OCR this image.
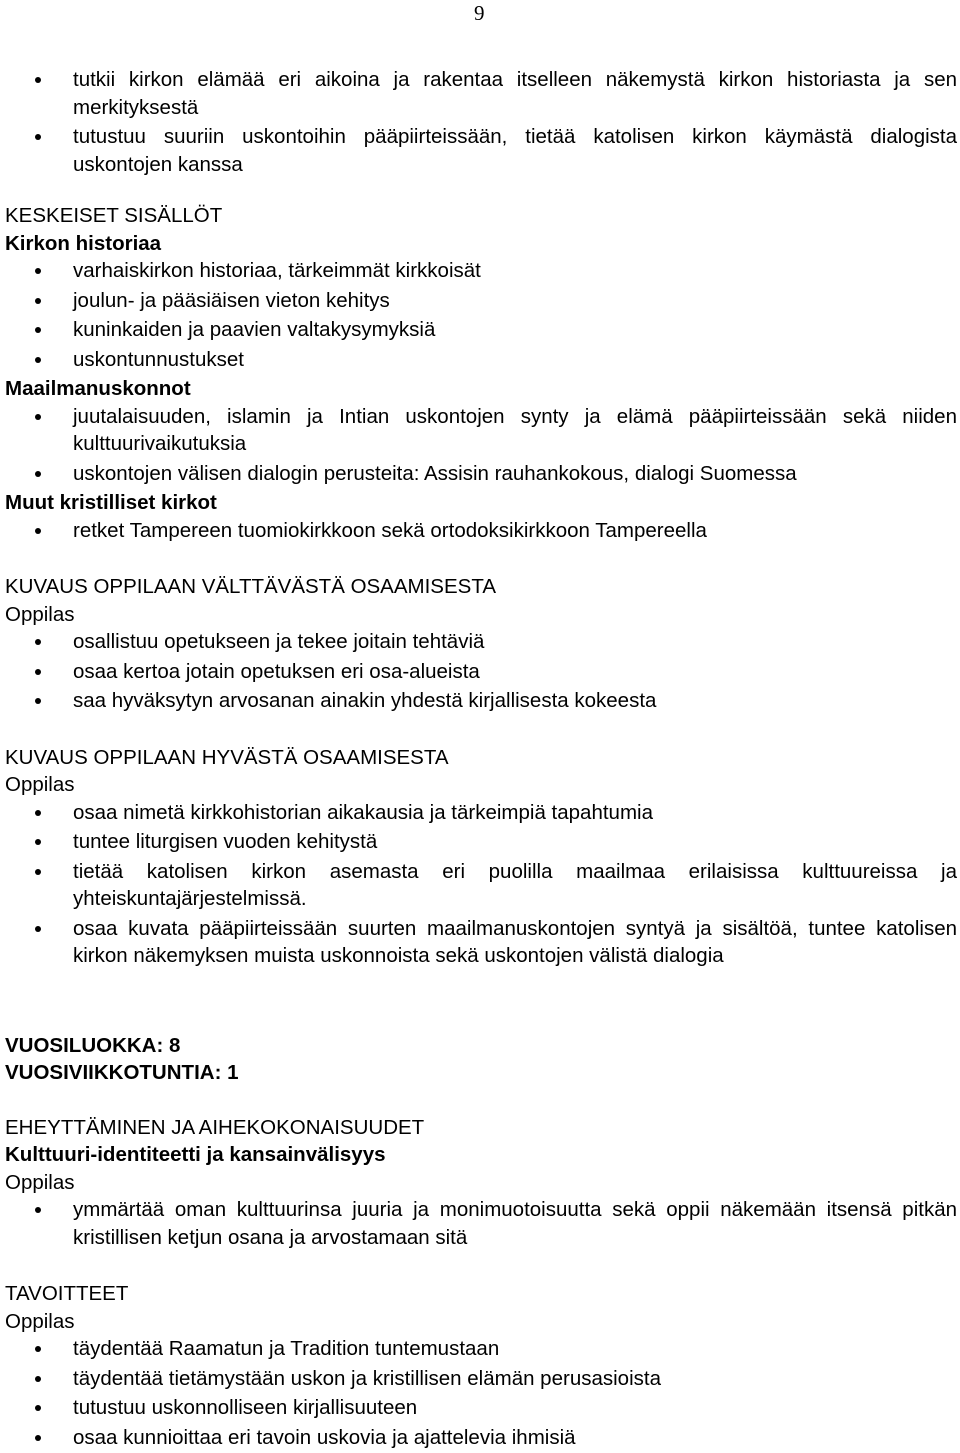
9
tutkii kirkon elämää eri aikoina ja rakentaa itselleen näkemystä kirkon historiasta ja sen merkityksestä
tutustuu suuriin uskontoihin pääpiirteissään, tietää katolisen kirkon käymästä dialogista uskontojen kanssa
KESKEISET SISÄLLÖT
Kirkon historiaa
varhaiskirkon historiaa, tärkeimmät kirkkoisät
joulun- ja pääsiäisen vieton kehitys
kuninkaiden ja paavien valtakysymyksiä
uskontunnustukset
Maailmanuskonnot
juutalaisuuden, islamin ja Intian uskontojen synty ja elämä pääpiirteissään sekä niiden kulttuurivaikutuksia
uskontojen välisen dialogin perusteita: Assisin rauhankokous, dialogi Suomessa
Muut kristilliset kirkot
retket Tampereen tuomiokirkkoon sekä ortodoksikirkkoon Tampereella
KUVAUS OPPILAAN VÄLTTÄVÄSTÄ OSAAMISESTA
Oppilas
osallistuu opetukseen ja tekee joitain tehtäviä
osaa kertoa jotain opetuksen eri osa-alueista
saa hyväksytyn arvosanan ainakin yhdestä kirjallisesta kokeesta
KUVAUS OPPILAAN HYVÄSTÄ OSAAMISESTA
Oppilas
osaa nimetä kirkkohistorian aikakausia ja tärkeimpiä tapahtumia
tuntee liturgisen vuoden kehitystä
tietää katolisen kirkon asemasta eri puolilla maailmaa erilaisissa kulttuureissa ja yhteiskuntajärjestelmissä.
osaa kuvata pääpiirteissään suurten maailmanuskontojen syntyä ja sisältöä, tuntee katolisen kirkon näkemyksen muista uskonnoista sekä uskontojen välistä dialogia
VUOSILUOKKA: 8
VUOSIVIIKKOTUNTIA: 1
EHEYTTÄMINEN JA AIHEKOKONAISUUDET
Kulttuuri-identiteetti ja kansainvälisyys
Oppilas
ymmärtää oman kulttuurinsa juuria ja monimuotoisuutta sekä oppii näkemään itsensä pitkän kristillisen ketjun osana ja arvostamaan sitä
TAVOITTEET
Oppilas
täydentää Raamatun ja Tradition tuntemustaan
täydentää tietämystään uskon ja kristillisen elämän perusasioista
tutustuu uskonnolliseen kirjallisuuteen
osaa kunnioittaa eri tavoin uskovia ja ajattelevia ihmisiä
